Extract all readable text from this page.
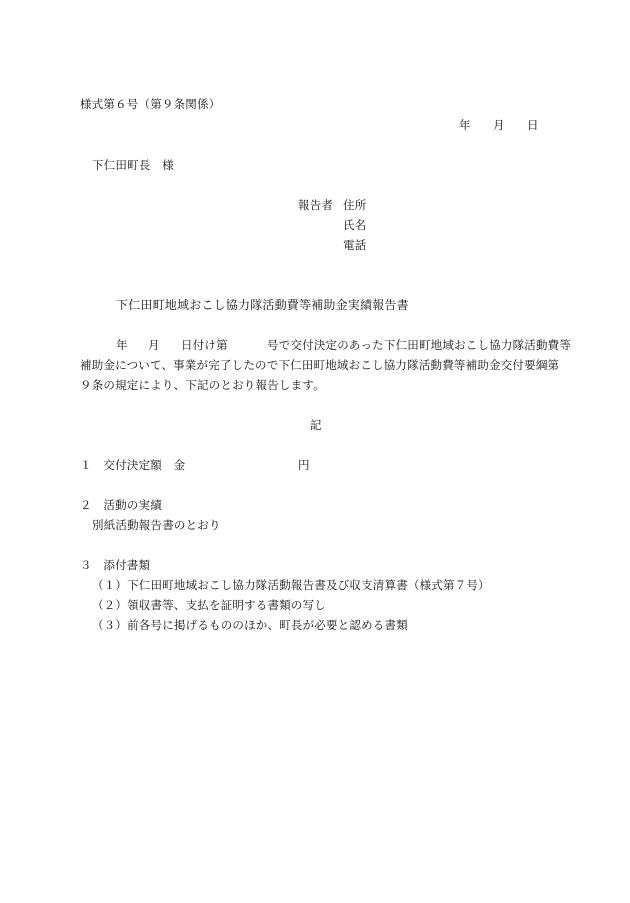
様式第６号（第９条関係）
年 月 日
下仁田町長　様
報告者 住所
氏名
電話
下仁田町地域おこし協力隊活動費等補助金実績報告書
年 月 日付け第	号で交付決定のあった下仁田町地域おこし協力隊活動費等
補助金について、事業が完了したので下仁田町地域おこし協力隊活動費等補助金交付要綱第
９条の規定により、下記のとおり報告します。
記
１　交付決定額　金	円
２　活動の実績
別紙活動報告書のとおり
３　添付書類
（１）下仁田町地域おこし協力隊活動報告書及び収支清算書（様式第７号）
（２）領収書等、支払を証明する書類の写し
（３）前各号に掲げるもののほか、町長が必要と認める書類
